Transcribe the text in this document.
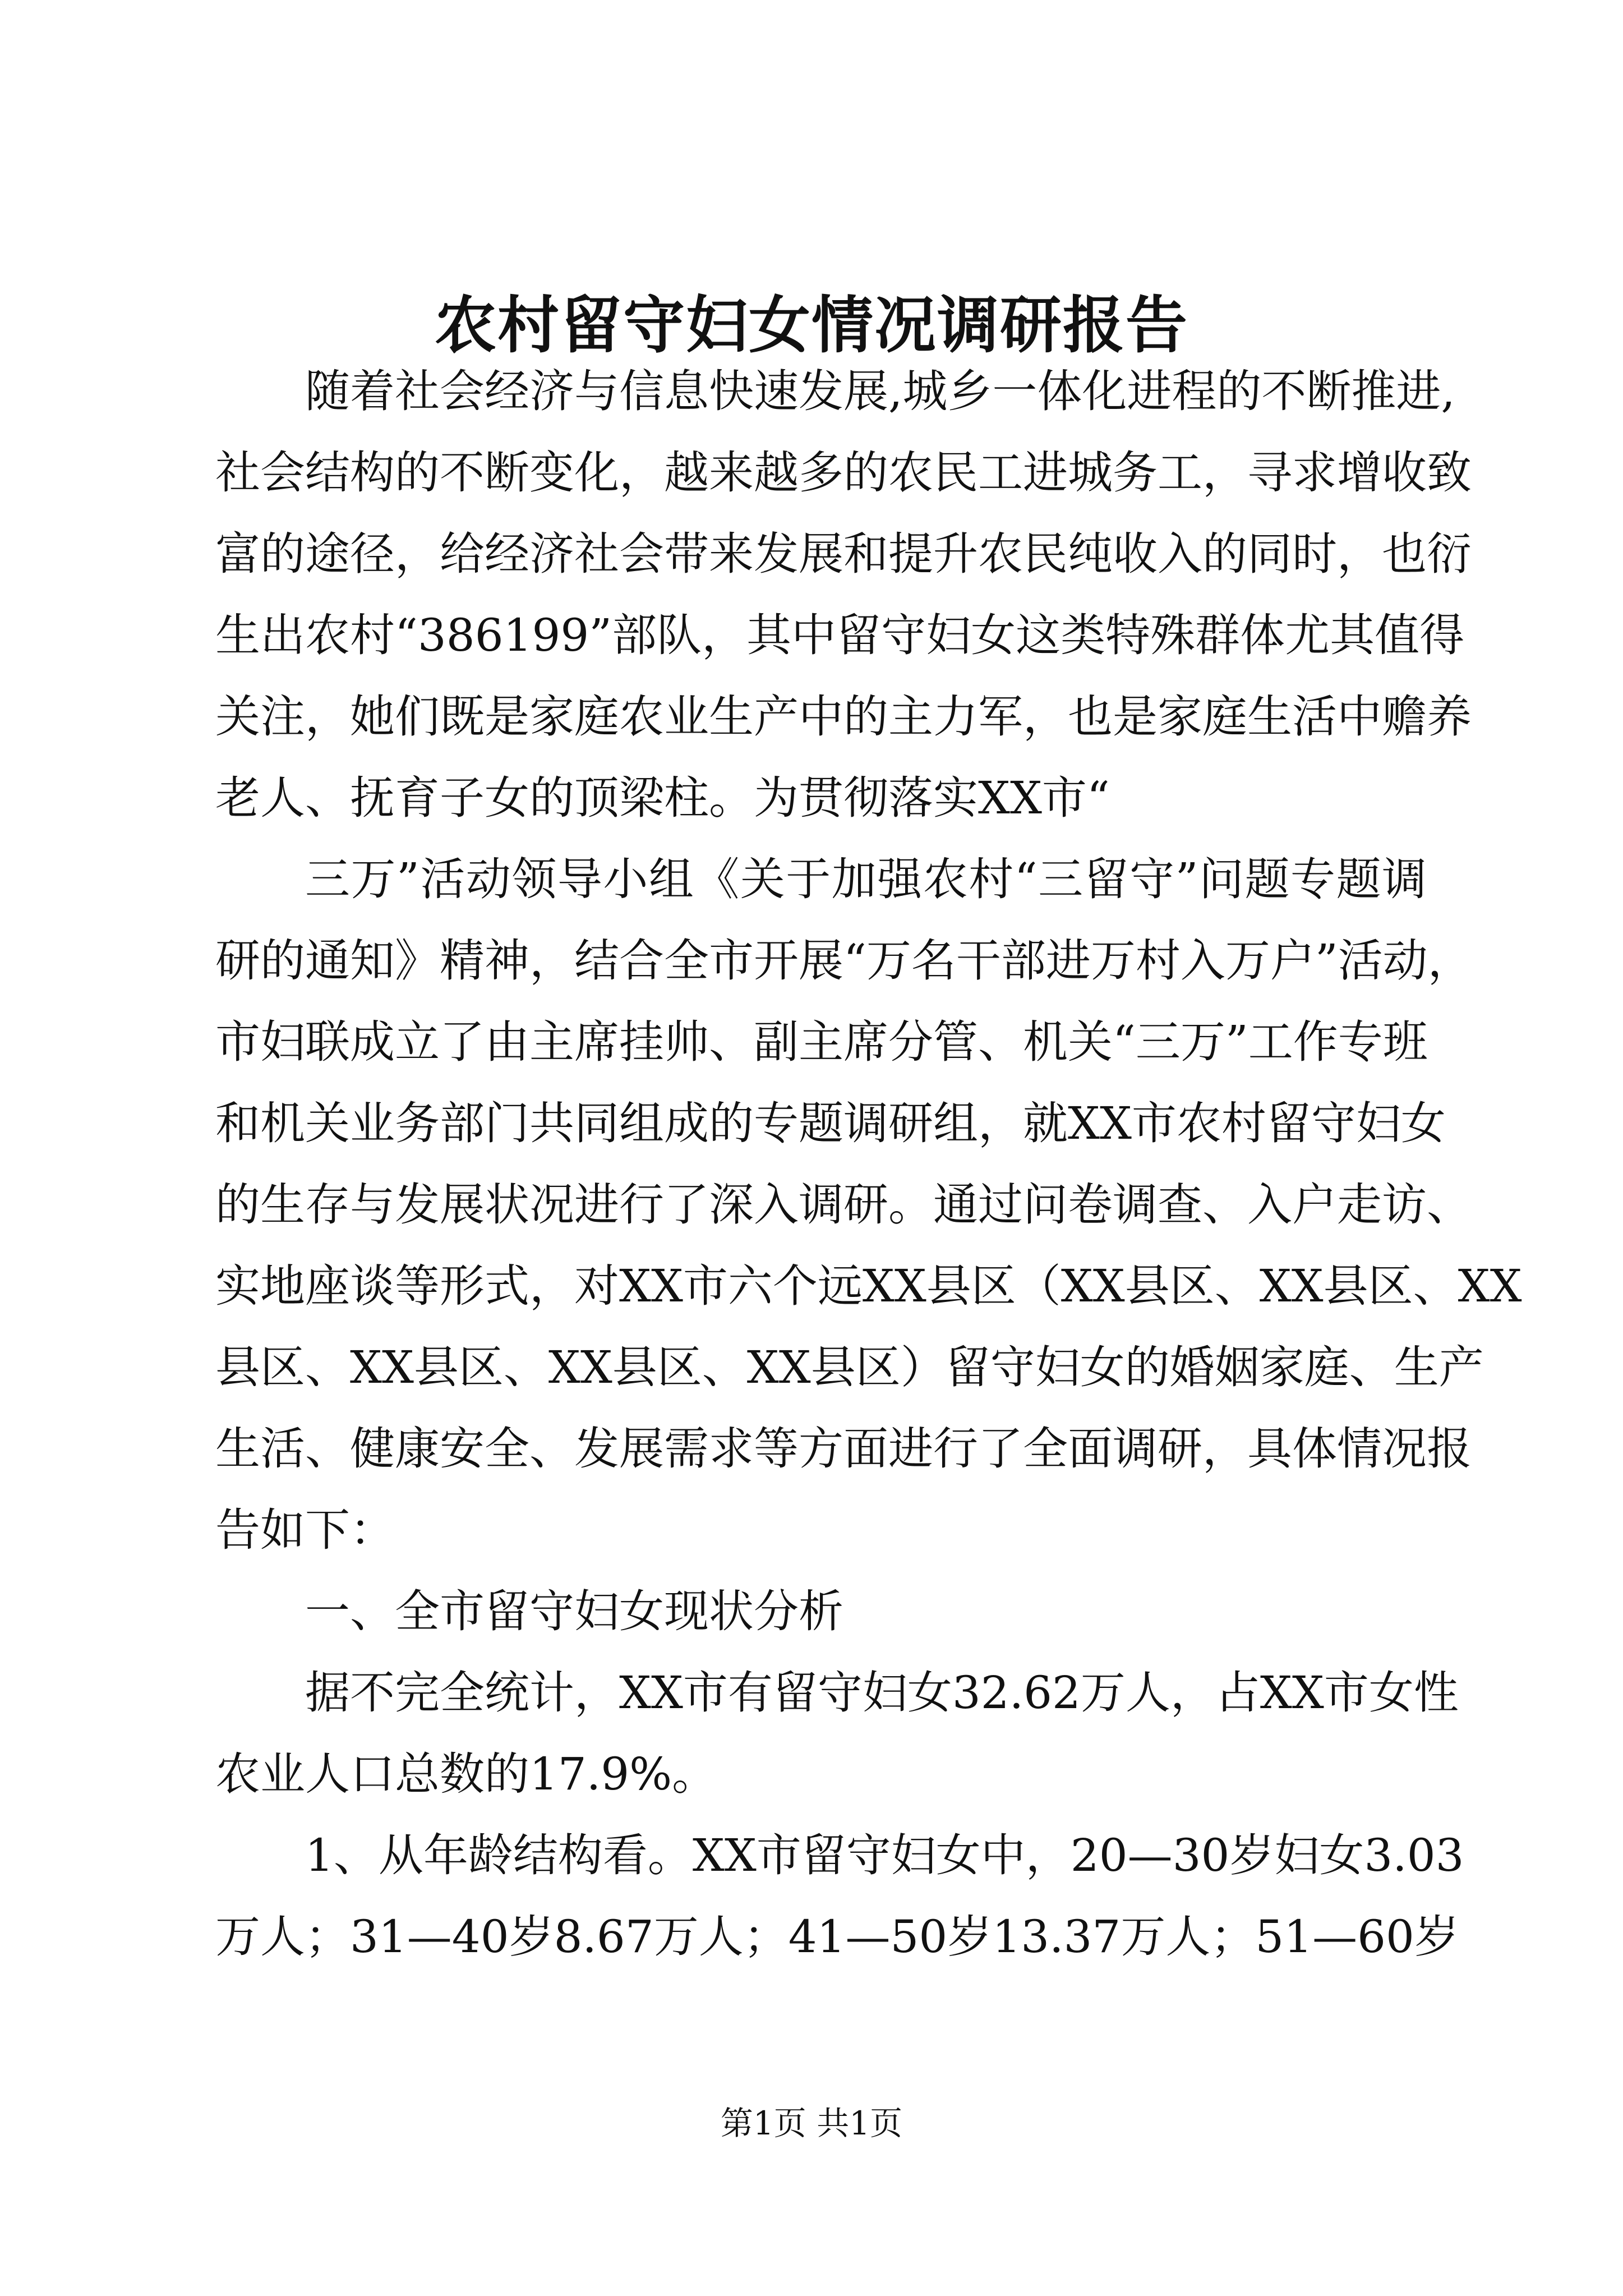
农村留守妇女情况调研报告
随着社会经济与信息快速发展,城乡一体化进程的不断推进,
社会结构的不断变化，越来越多的农民工进城务工，寻求增收致
富的途径，给经济社会带来发展和提升农民纯收入的同时，也衍
生出农村“386199”部队，其中留守妇女这类特殊群体尤其值得
关注，她们既是家庭农业生产中的主力军，也是家庭生活中赡养
老人、抚育子女的顶梁柱。为贯彻落实XX市“
三万”活动领导小组《关于加强农村“三留守”问题专题调
研的通知》精神，结合全市开展“万名干部进万村入万户”活动，
市妇联成立了由主席挂帅、副主席分管、机关“三万”工作专班
和机关业务部门共同组成的专题调研组，就XX市农村留守妇女
的生存与发展状况进行了深入调研。通过问卷调查、入户走访、
实地座谈等形式，对XX市六个远XX县区（XX县区、XX县区、XX
县区、XX县区、XX县区、XX县区）留守妇女的婚姻家庭、生产
生活、健康安全、发展需求等方面进行了全面调研，具体情况报
告如下：
一、全市留守妇女现状分析
据不完全统计，XX市有留守妇女32.62万人，占XX市女性
农业人口总数的17.9%。
1、从年龄结构看。XX市留守妇女中，20—30岁妇女3.03
万人；31—40岁8.67万人；41—50岁13.37万人；51—60岁
第1页 共1页
